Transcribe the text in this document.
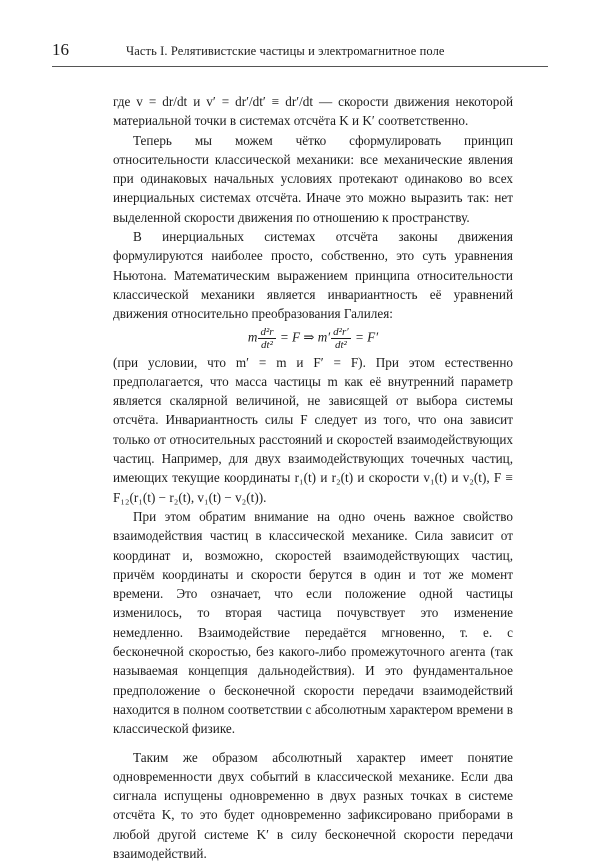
16	Часть I. Релятивистские частицы и электромагнитное поле

где v = dr/dt и v′ = dr′/dt′ ≡ dr′/dt — скорости движения некоторой материальной точки в системах отсчёта K и K′ соответственно.

Теперь мы можем чётко сформулировать принцип относительности классической механики: все механические явления при одинаковых начальных условиях протекают одинаково во всех инерциальных системах отсчёта. Иначе это можно выразить так: нет выделенной скорости движения по отношению к пространству.

В инерциальных системах отсчёта законы движения формулируются наиболее просто, собственно, это суть уравнения Ньютона. Математическим выражением принципа относительности классической механики является инвариантность её уравнений движения относительно преобразования Галилея:

m $\frac{\text{d²r}}{\text{dt²}} = F$ ⇒ $m' \frac{\text{d²r′}}{\text{dt²}} = F'$

(при условии, что m′ = m и F′ = F). При этом естественно предполагается, что масса частицы m как её внутренний параметр является скалярной величиной, не зависящей от выбора системы отсчёта. Инвариантность силы F следует из того, что она зависит только от относительных расстояний и скоростей взаимодействующих частиц. Например, для двух взаимодействующих точечных частиц, имеющих текущие координаты r₁(t) и r₂(t) и скорости v₁(t) и v₂(t), F ≡ F₁₂(r₁(t) − r₂(t), v₁(t) − v₂(t)).

При этом обратим внимание на одно очень важное свойство взаимодействия частиц в классической механике. Сила зависит от координат и, возможно, скоростей взаимодействующих частиц, причём координаты и скорости берутся в один и тот же момент времени. Это означает, что если положение одной частицы изменилось, то вторая частица почувствует это изменение немедленно. Взаимодействие передаётся мгновенно, т. е. с бесконечной скоростью, без какого-либо промежуточного агента (так называемая концепция дальнодействия). И это фундаментальное предположение о бесконечной скорости передачи взаимодействий находится в полном соответствии с абсолютным характером времени в классической физике.

Таким же образом абсолютный характер имеет понятие одновременности двух событий в классической механике. Если два сигнала испущены одновременно в двух разных точках в системе отсчёта K, то это будет одновременно зафиксировано приборами в любой другой системе K′ в силу бесконечной скорости передачи взаимодействий.
